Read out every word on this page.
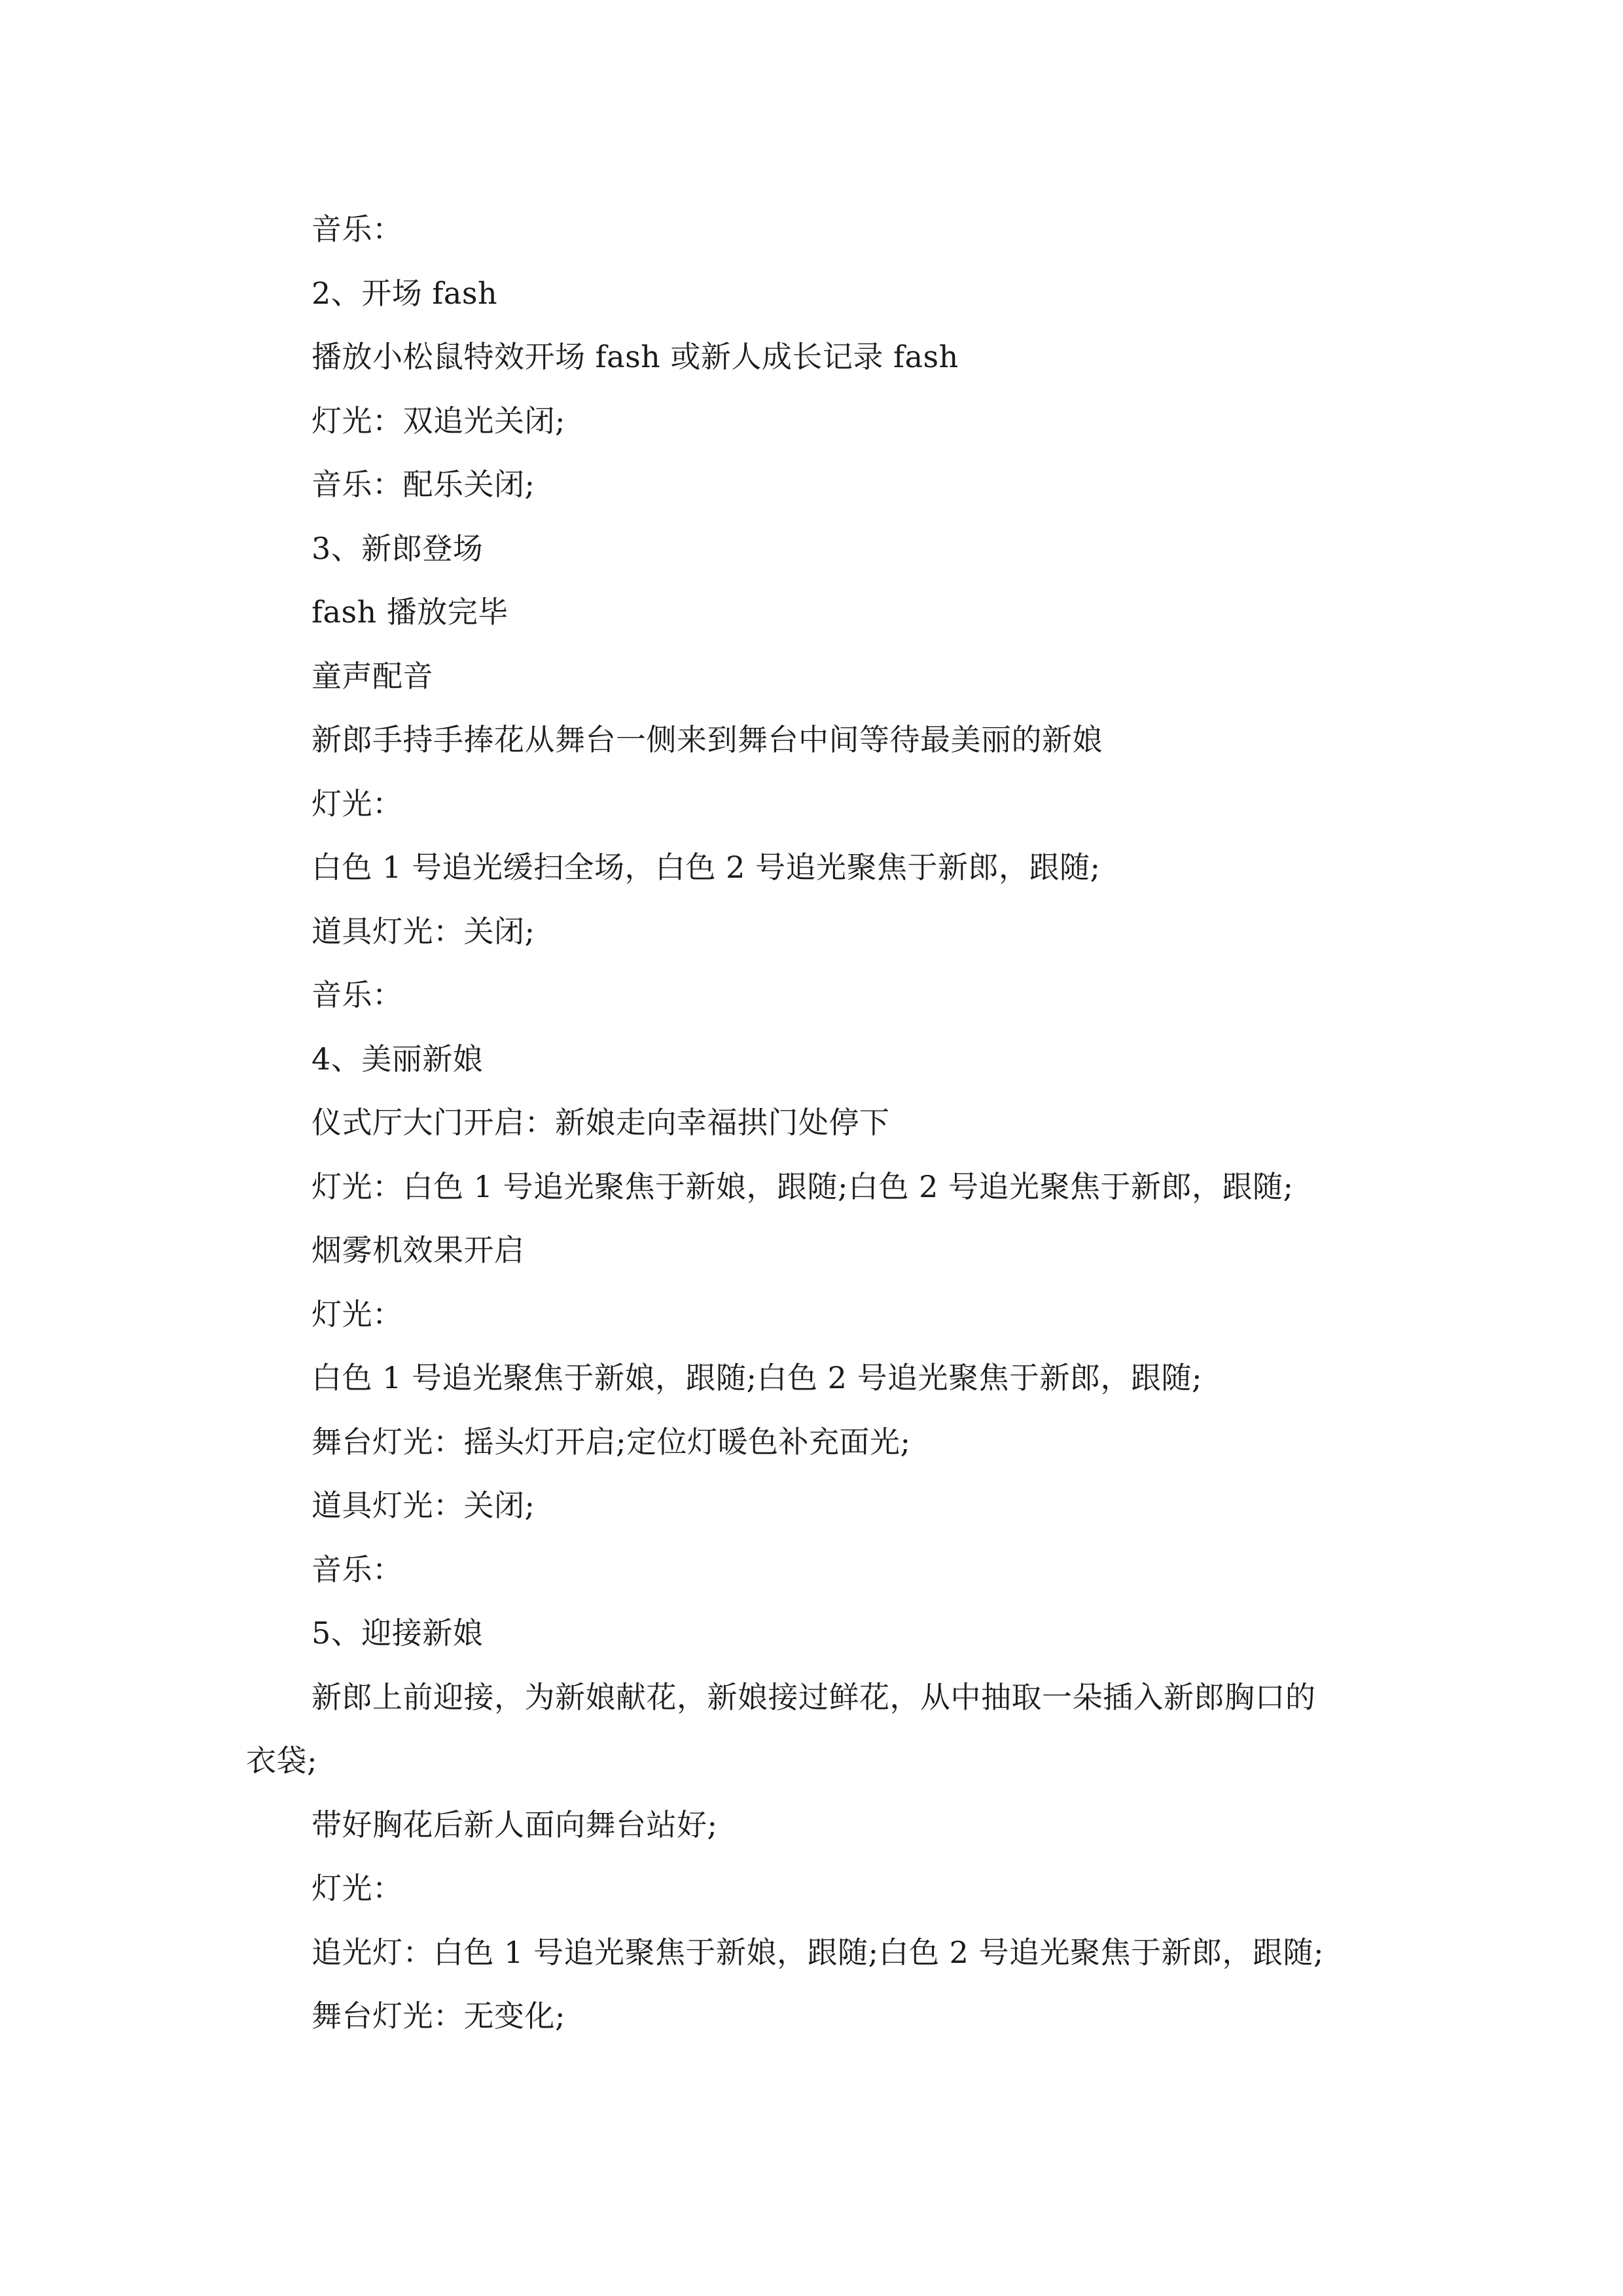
音乐：
2、开场 fash
播放小松鼠特效开场 fash 或新人成长记录 fash
灯光：双追光关闭;
音乐：配乐关闭;
3、新郎登场
fash 播放完毕
童声配音
新郎手持手捧花从舞台一侧来到舞台中间等待最美丽的新娘
灯光：
白色 1 号追光缓扫全场，白色 2 号追光聚焦于新郎，跟随;
道具灯光：关闭;
音乐：
4、美丽新娘
仪式厅大门开启：新娘走向幸福拱门处停下
灯光：白色 1 号追光聚焦于新娘，跟随;白色 2 号追光聚焦于新郎，跟随;
烟雾机效果开启
灯光：
白色 1 号追光聚焦于新娘，跟随;白色 2 号追光聚焦于新郎，跟随;
舞台灯光：摇头灯开启;定位灯暖色补充面光;
道具灯光：关闭;
音乐：
5、迎接新娘
新郎上前迎接，为新娘献花，新娘接过鲜花，从中抽取一朵插入新郎胸口的
衣袋;
带好胸花后新人面向舞台站好;
灯光：
追光灯：白色 1 号追光聚焦于新娘，跟随;白色 2 号追光聚焦于新郎，跟随;
舞台灯光：无变化;
